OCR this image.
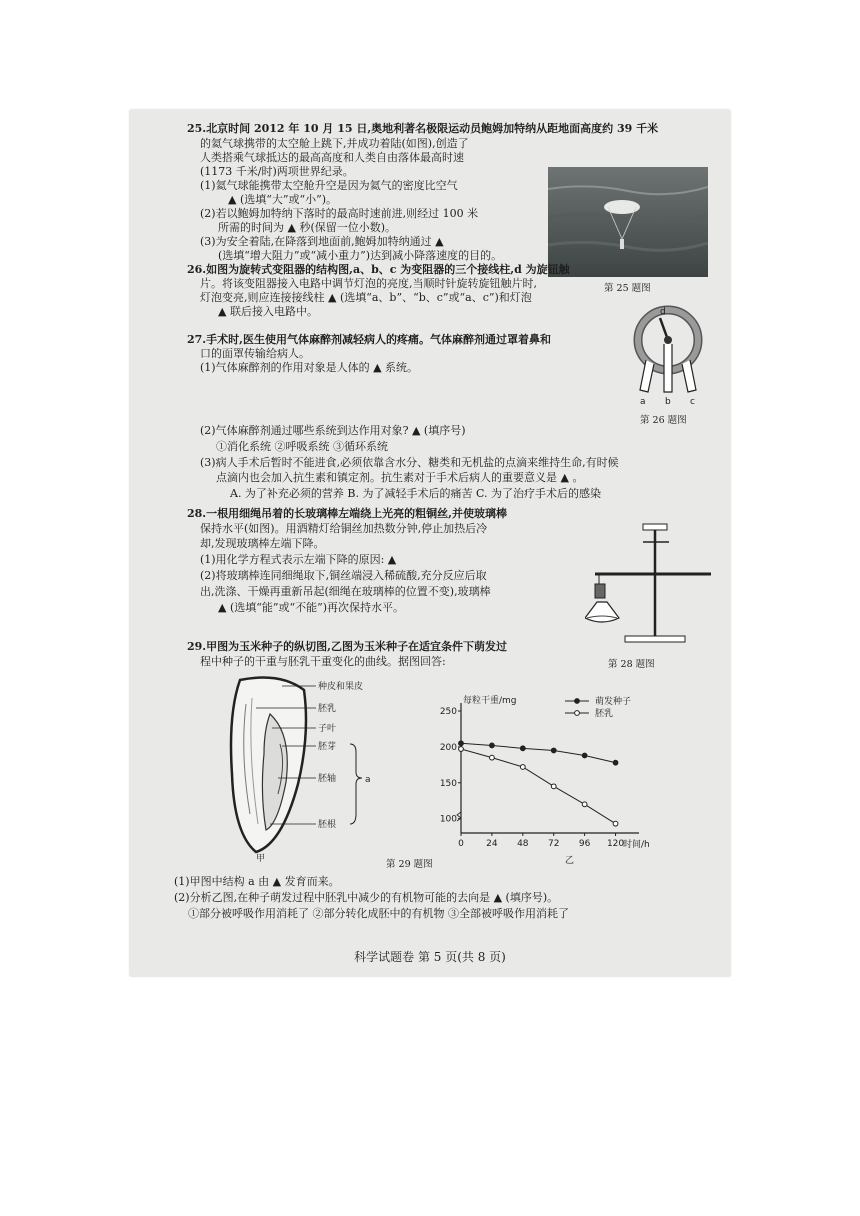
25.北京时间 2012 年 10 月 15 日,奥地利著名极限运动员鲍姆加特纳从距地面高度约 39 千米
的氦气球携带的太空舱上跳下,并成功着陆(如图),创造了
人类搭乘气球抵达的最高高度和人类自由落体最高时速
(1173 千米/时)两项世界纪录。
(1)氦气球能携带太空舱升空是因为氦气的密度比空气
▲ (选填“大”或“小”)。
(2)若以鲍姆加特纳下落时的最高时速前进,则经过 100 米
所需的时间为 ▲ 秒(保留一位小数)。
(3)为安全着陆,在降落到地面前,鲍姆加特纳通过 ▲
(选填“增大阻力”或“减小重力”)达到减小降落速度的目的。
第 25 题图
26.如图为旋转式变阻器的结构图,a、b、c 为变阻器的三个接线柱,d 为旋钮触
片。将该变阻器接入电路中调节灯泡的亮度,当顺时针旋转旋钮触片时,
灯泡变亮,则应连接接线柱 ▲ (选填“a、b”、“b、c”或“a、c”)和灯泡
▲ 联后接入电路中。	d
a b c
第 26 题图
27.手术时,医生使用气体麻醉剂减轻病人的疼痛。气体麻醉剂通过罩着鼻和
口的面罩传输给病人。
(1)气体麻醉剂的作用对象是人体的 ▲ 系统。
(2)气体麻醉剂通过哪些系统到达作用对象? ▲ (填序号)
①消化系统 ②呼吸系统 ③循环系统
(3)病人手术后暂时不能进食,必须依靠含水分、糖类和无机盐的点滴来维持生命,有时候
点滴内也会加入抗生素和镇定剂。抗生素对于手术后病人的重要意义是 ▲ 。
A. 为了补充必须的营养 B. 为了减轻手术后的痛苦 C. 为了治疗手术后的感染
28.一根用细绳吊着的长玻璃棒左端绕上光亮的粗铜丝,并使玻璃棒
保持水平(如图)。用酒精灯给铜丝加热数分钟,停止加热后冷
却,发现玻璃棒左端下降。
(1)用化学方程式表示左端下降的原因: ▲
(2)将玻璃棒连同细绳取下,铜丝端浸入稀硫酸,充分反应后取
出,洗涤、干燥再重新吊起(细绳在玻璃棒的位置不变),玻璃棒
▲ (选填“能”或“不能”)再次保持水平。
第 28 题图
29.甲图为玉米种子的纵切图,乙图为玉米种子在适宜条件下萌发过
程中种子的干重与胚乳干重变化的曲线。据图回答:
种皮和果皮
胚乳
子叶
胚芽
胚轴
胚根
a
甲
每粒干重/mg
时间/h
100
150
200
250
0 24 48 72 96 120
萌发种子
胚乳
乙
第 29 题图
(1)甲图中结构 a 由 ▲ 发育而来。
(2)分析乙图,在种子萌发过程中胚乳中减少的有机物可能的去向是 ▲ (填序号)。
①部分被呼吸作用消耗了 ②部分转化成胚中的有机物 ③全部被呼吸作用消耗了
科学试题卷 第 5 页(共 8 页)
